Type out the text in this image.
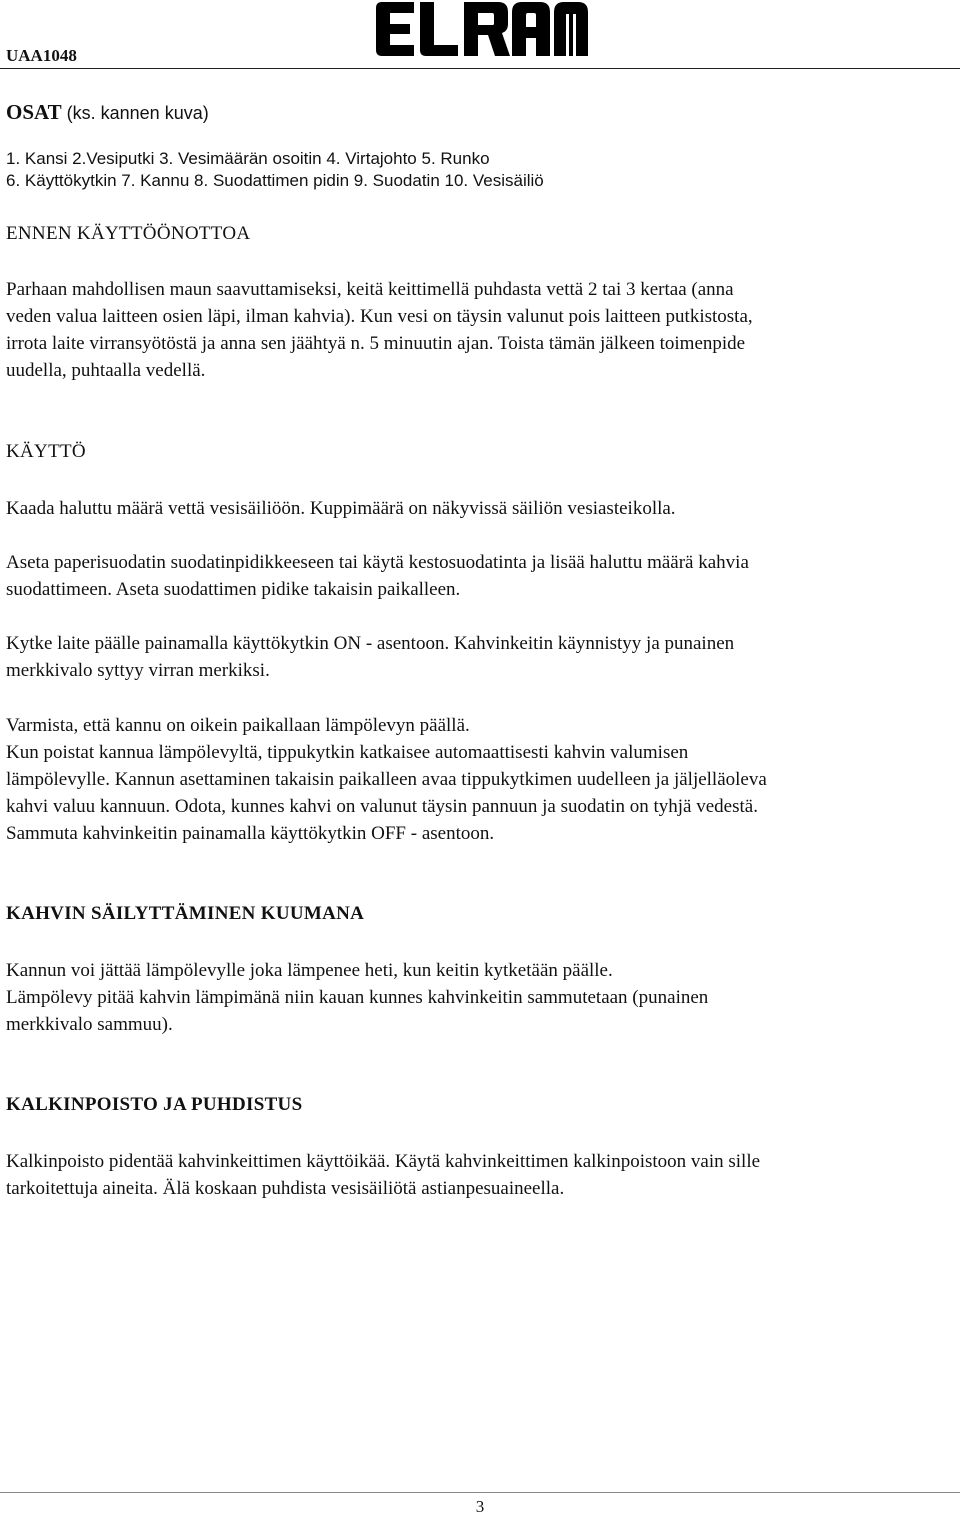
UAA1048
OSAT (ks. kannen kuva)
1. Kansi 2.Vesiputki 3. Vesimäärän osoitin 4. Virtajohto 5. Runko
6. Käyttökytkin 7. Kannu 8. Suodattimen pidin 9. Suodatin 10. Vesisäiliö
ENNEN KÄYTTÖÖNOTTOA
Parhaan mahdollisen maun saavuttamiseksi, keitä keittimellä puhdasta vettä 2 tai 3 kertaa (anna
veden valua laitteen osien läpi, ilman kahvia). Kun vesi on täysin valunut pois laitteen putkistosta,
irrota laite virransyötöstä ja anna sen jäähtyä n. 5 minuutin ajan. Toista tämän jälkeen toimenpide
uudella, puhtaalla vedellä.
KÄYTTÖ
Kaada haluttu määrä vettä vesisäiliöön. Kuppimäärä on näkyvissä säiliön vesiasteikolla.
Aseta paperisuodatin suodatinpidikkeeseen tai käytä kestosuodatinta ja lisää haluttu määrä kahvia
suodattimeen. Aseta suodattimen pidike takaisin paikalleen.
Kytke laite päälle painamalla käyttökytkin ON - asentoon. Kahvinkeitin käynnistyy ja punainen
merkkivalo syttyy virran merkiksi.
Varmista, että kannu on oikein paikallaan lämpölevyn päällä.
Kun poistat kannua lämpölevyltä, tippukytkin katkaisee automaattisesti kahvin valumisen
lämpölevylle. Kannun asettaminen takaisin paikalleen avaa tippukytkimen uudelleen ja jäljelläoleva
kahvi valuu kannuun. Odota, kunnes kahvi on valunut täysin pannuun ja suodatin on tyhjä vedestä.
Sammuta kahvinkeitin painamalla käyttökytkin OFF - asentoon.
KAHVIN SÄILYTTÄMINEN KUUMANA
Kannun voi jättää lämpölevylle joka lämpenee heti, kun keitin kytketään päälle.
Lämpölevy pitää kahvin lämpimänä niin kauan kunnes kahvinkeitin sammutetaan (punainen
merkkivalo sammuu).
KALKINPOISTO JA PUHDISTUS
Kalkinpoisto pidentää kahvinkeittimen käyttöikää. Käytä kahvinkeittimen kalkinpoistoon vain sille
tarkoitettuja aineita. Älä koskaan puhdista vesisäiliötä astianpesuaineella.
3
